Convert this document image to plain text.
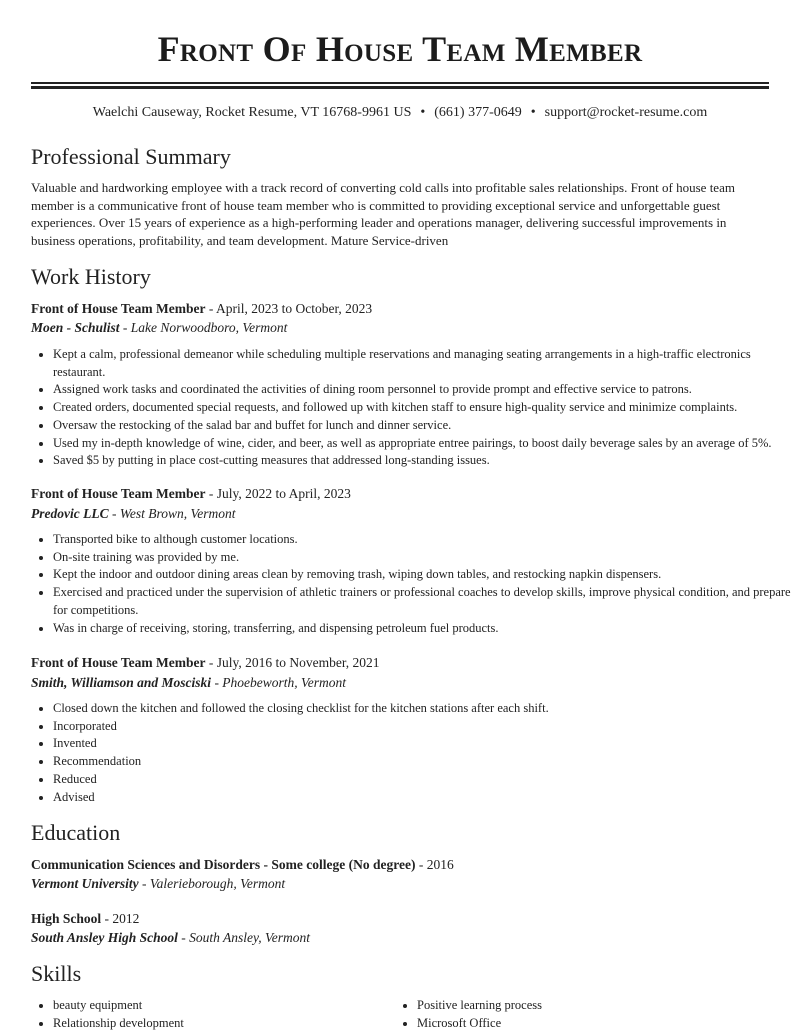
Front Of House Team Member
Waelchi Causeway, Rocket Resume, VT 16768-9961 US • (661) 377-0649 • support@rocket-resume.com
Professional Summary
Valuable and hardworking employee with a track record of converting cold calls into profitable sales relationships. Front of house team member is a communicative front of house team member who is committed to providing exceptional service and unforgettable guest experiences. Over 15 years of experience as a high-performing leader and operations manager, delivering successful improvements in business operations, profitability, and team development. Mature Service-driven
Work History
Front of House Team Member - April, 2023 to October, 2023
Moen - Schulist - Lake Norwoodboro, Vermont
• Kept a calm, professional demeanor while scheduling multiple reservations and managing seating arrangements in a high-traffic electronics restaurant.
• Assigned work tasks and coordinated the activities of dining room personnel to provide prompt and effective service to patrons.
• Created orders, documented special requests, and followed up with kitchen staff to ensure high-quality service and minimize complaints.
• Oversaw the restocking of the salad bar and buffet for lunch and dinner service.
• Used my in-depth knowledge of wine, cider, and beer, as well as appropriate entree pairings, to boost daily beverage sales by an average of 5%.
• Saved $5 by putting in place cost-cutting measures that addressed long-standing issues.
Front of House Team Member - July, 2022 to April, 2023
Predovic LLC - West Brown, Vermont
• Transported bike to although customer locations.
• On-site training was provided by me.
• Kept the indoor and outdoor dining areas clean by removing trash, wiping down tables, and restocking napkin dispensers.
• Exercised and practiced under the supervision of athletic trainers or professional coaches to develop skills, improve physical condition, and prepare for competitions.
• Was in charge of receiving, storing, transferring, and dispensing petroleum fuel products.
Front of House Team Member - July, 2016 to November, 2021
Smith, Williamson and Mosciski - Phoebeworth, Vermont
• Closed down the kitchen and followed the closing checklist for the kitchen stations after each shift.
• Incorporated
• Invented
• Recommendation
• Reduced
• Advised
Education
Communication Sciences and Disorders - Some college (No degree) - 2016
Vermont University - Valerieborough, Vermont
High School - 2012
South Ansley High School - South Ansley, Vermont
Skills
• beauty equipment
• Relationship development
• Positive learning process
• Microsoft Office
